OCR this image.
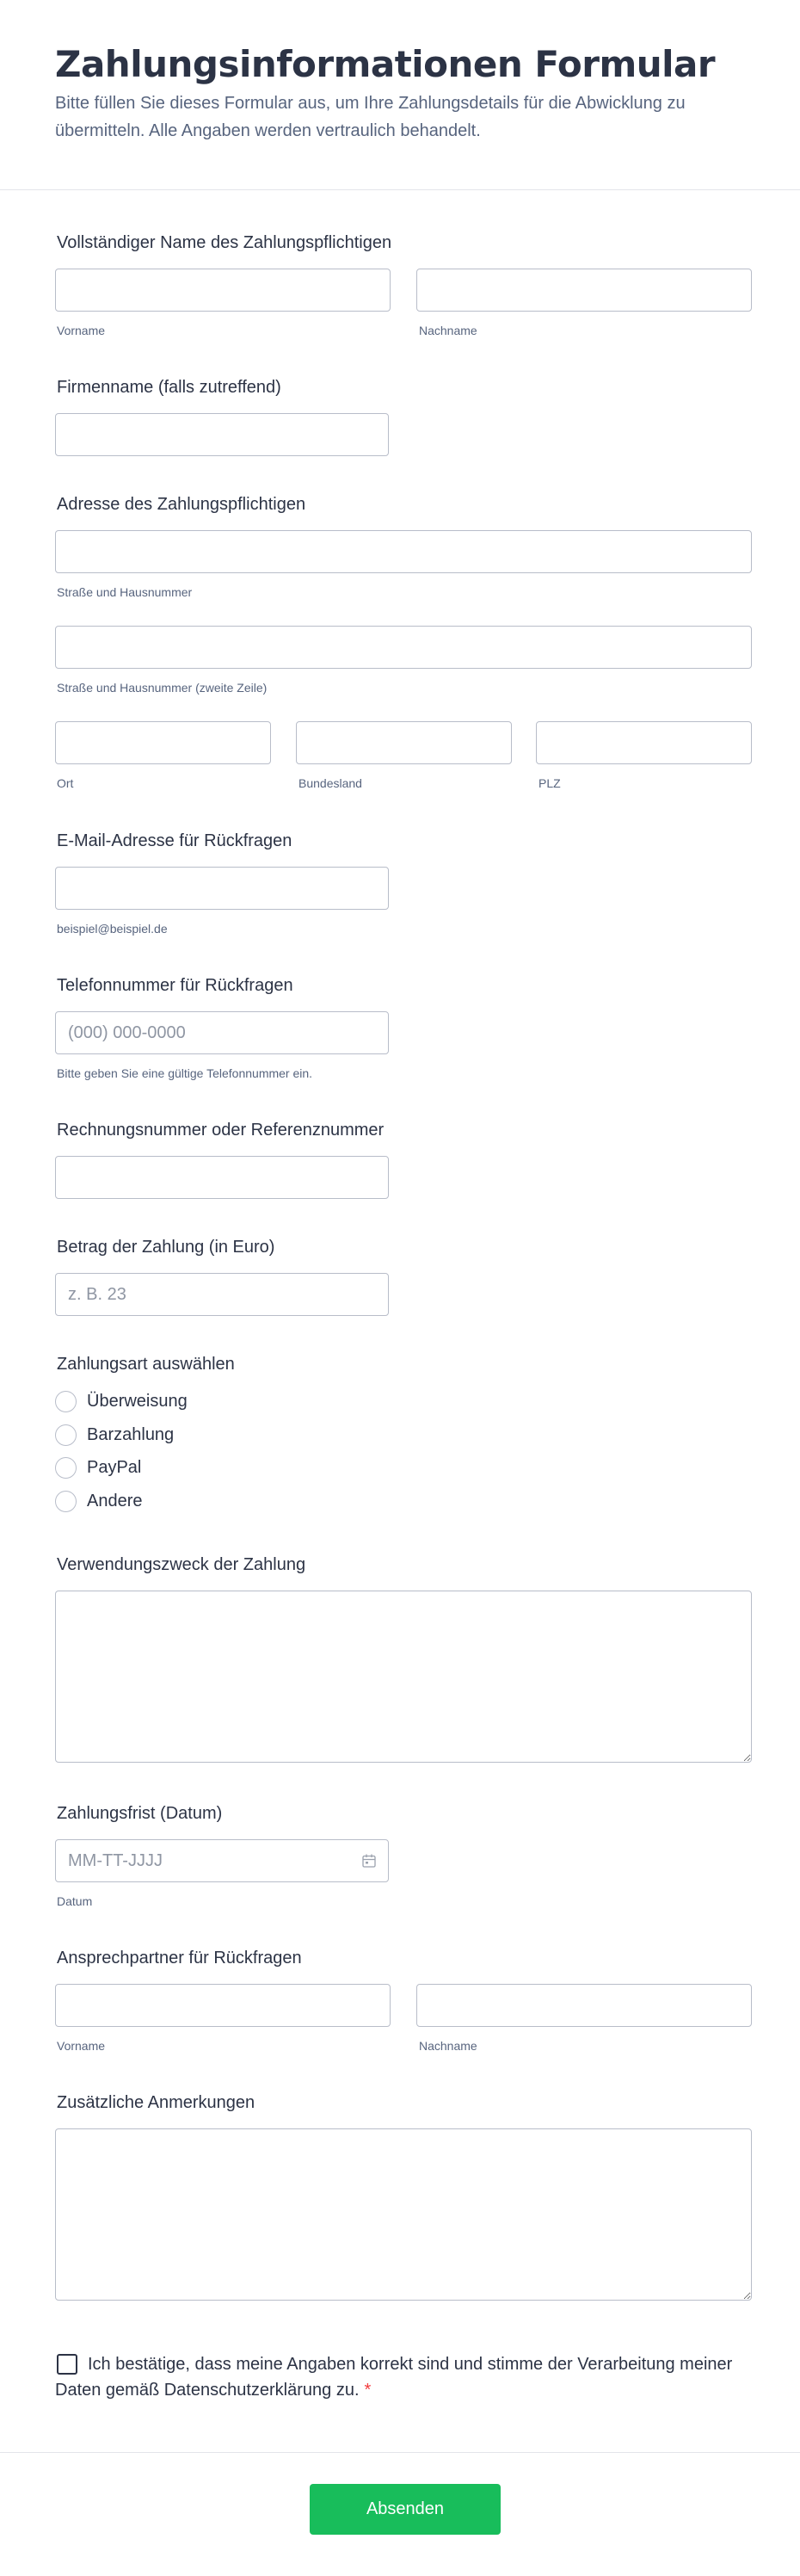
Zahlungsinformationen Formular

Bitte füllen Sie dieses Formular aus, um Ihre Zahlungsdetails für die Abwicklung zu übermitteln. Alle Angaben werden vertraulich behandelt.

Vollständiger Name des Zahlungspflichtigen
Vorname	Nachname
Firmenname (falls zutreffend)
Adresse des Zahlungspflichtigen
Straße und Hausnummer
Straße und Hausnummer (zweite Zeile)
Ort	Bundesland	PLZ
E-Mail-Adresse für Rückfragen
beispiel@beispiel.de
Telefonnummer für Rückfragen
(000) 000-0000
Bitte geben Sie eine gültige Telefonnummer ein.
Rechnungsnummer oder Referenznummer
Betrag der Zahlung (in Euro)
z. B. 23
Zahlungsart auswählen
Überweisung
Barzahlung
PayPal
Andere
Verwendungszweck der Zahlung
Zahlungsfrist (Datum)
MM-TT-JJJJ
Datum
Ansprechpartner für Rückfragen
Vorname	Nachname
Zusätzliche Anmerkungen
Ich bestätige, dass meine Angaben korrekt sind und stimme der Verarbeitung meiner Daten gemäß Datenschutzerklärung zu. *
Absenden
